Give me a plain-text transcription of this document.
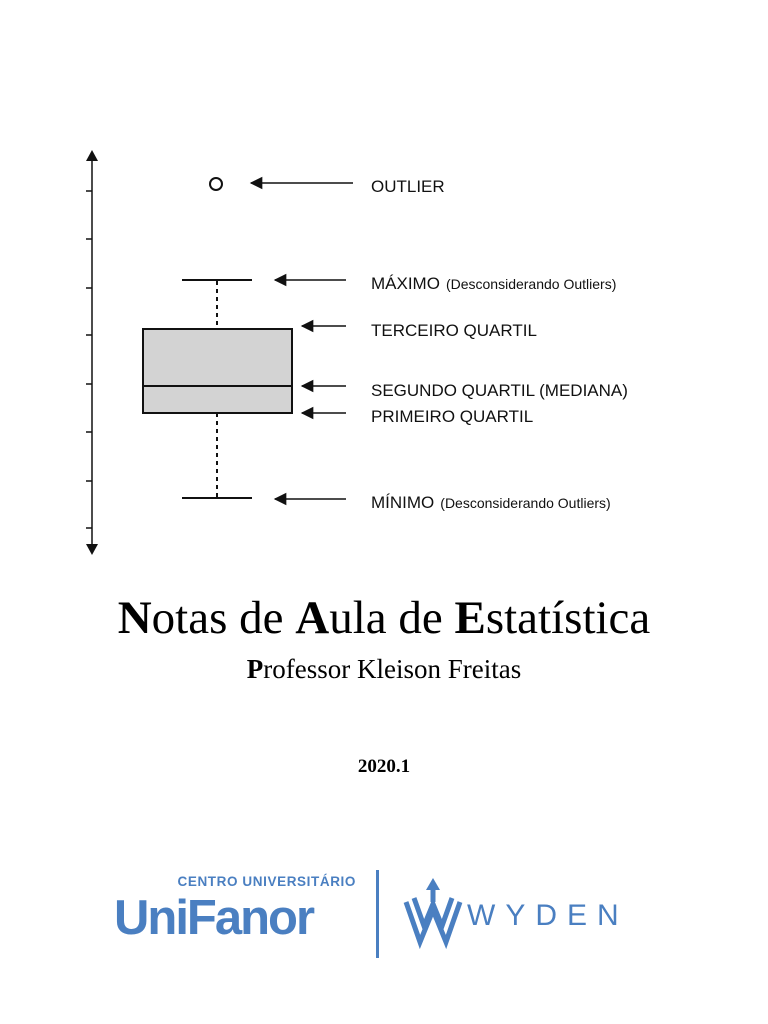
OUTLIER
MÁXIMO (Desconsiderando Outliers)
TERCEIRO QUARTIL
SEGUNDO QUARTIL (MEDIANA)
PRIMEIRO QUARTIL
MÍNIMO (Desconsiderando Outliers)
Notas de Aula de Estatística

Professor Kleison Freitas

2020.1
CENTRO UNIVERSITÁRIO
UniFanor	WYDEN
